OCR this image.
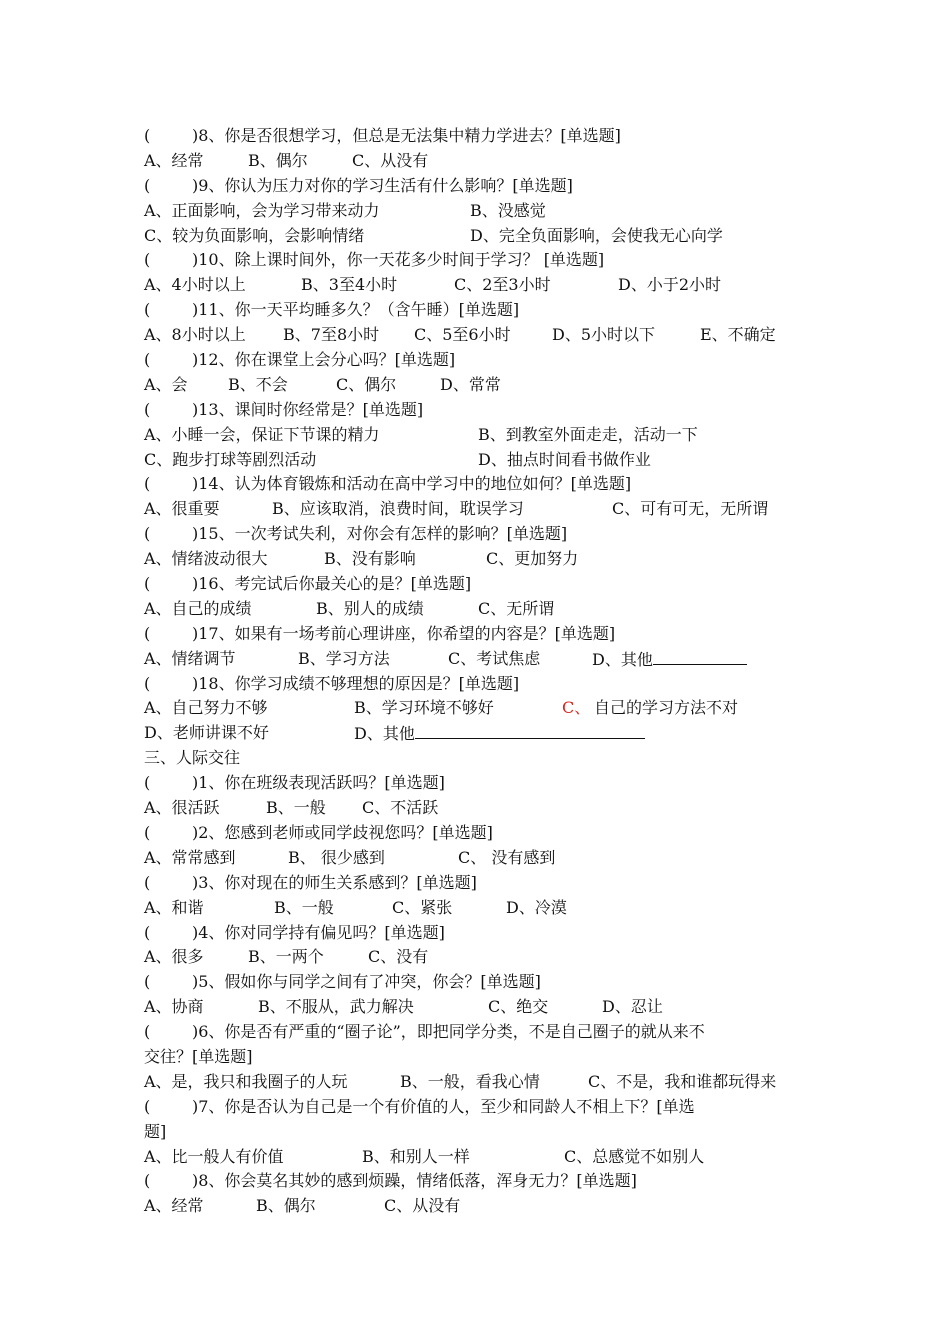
(	)8、你是否很想学习，但总是无法集中精力学进去？[单选题]
A、经常	B、偶尔	C、从没有
(	)9、你认为压力对你的学习生活有什么影响？[单选题]
A、正面影响，会为学习带来动力	B、没感觉
C、较为负面影响，会影响情绪	D、完全负面影响，会使我无心向学
(	)10、除上课时间外，你一天花多少时间于学习？ [单选题]
A、4小时以上	B、3至4小时	C、2至3小时	D、小于2小时
(	)11、你一天平均睡多久？（含午睡）[单选题]
A、8小时以上 B、7至8小时 C、5至6小时	D、5小时以下	E、不确定
(	)12、你在课堂上会分心吗？[单选题]
A、会	B、不会	C、偶尔	D、常常
(	)13、课间时你经常是？[单选题]
A、小睡一会，保证下节课的精力	B、到教室外面走走，活动一下
C、跑步打球等剧烈活动	D、抽点时间看书做作业
(	)14、认为体育锻炼和活动在高中学习中的地位如何？[单选题]
A、很重要	B、应该取消，浪费时间，耽误学习	C、可有可无，无所谓
(	)15、一次考试失利，对你会有怎样的影响？[单选题]
A、情绪波动很大	B、没有影响	C、更加努力
(	)16、考完试后你最关心的是？[单选题]
A、自己的成绩	B、别人的成绩	C、无所谓
(	)17、如果有一场考前心理讲座，你希望的内容是？[单选题]
A、情绪调节	B、学习方法	C、考试焦虑	D、其他
(	)18、你学习成绩不够理想的原因是？[单选题]
A、自己努力不够	B、学习环境不够好	C、 自己的学习方法不对
D、老师讲课不好	D、其他
三、人际交往
(	)1、你在班级表现活跃吗？[单选题]
A、很活跃	B、一般 C、不活跃
(	)2、您感到老师或同学歧视您吗？[单选题]
A、常常感到	B、 很少感到	C、 没有感到
(	)3、你对现在的师生关系感到？[单选题]
A、和谐	B、一般	C、紧张	D、冷漠
(	)4、你对同学持有偏见吗？[单选题]
A、很多	B、一两个	C、没有
(	)5、假如你与同学之间有了冲突，你会？[单选题]
A、协商	B、不服从，武力解决	C、绝交	D、忍让
(	)6、你是否有严重的“圈子论”，即把同学分类，不是自己圈子的就从来不
交往？[单选题]
A、是，我只和我圈子的人玩	B、一般，看我心情	C、不是，我和谁都玩得来
(	)7、你是否认为自己是一个有价值的人，至少和同龄人不相上下？[单选
题]
A、比一般人有价值	B、和别人一样	C、总感觉不如别人
(	)8、你会莫名其妙的感到烦躁，情绪低落，浑身无力？[单选题]
A、经常	B、偶尔	C、从没有
